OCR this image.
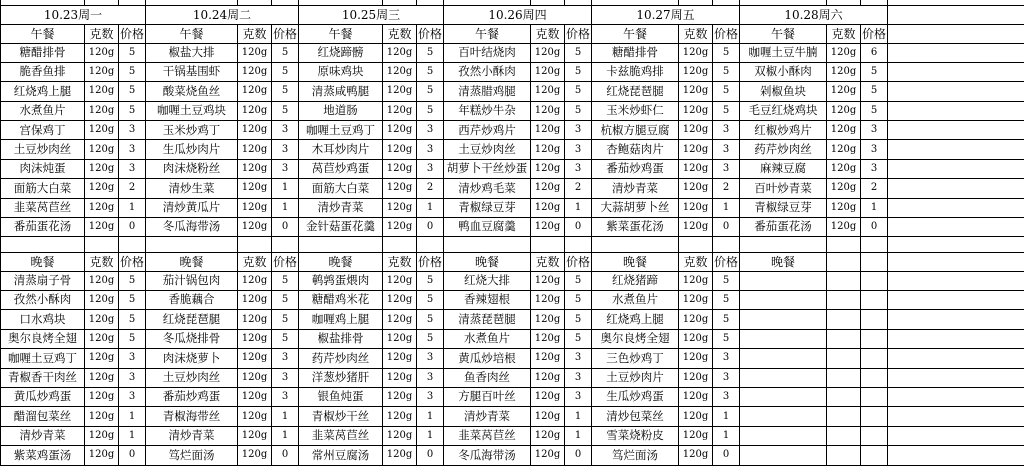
10.23周一			10.24周二			10.25周三			10.26周四			10.27周五			10.28周六			
午餐	克数	价格	午餐	克数	价格	午餐	克数	价格	午餐	克数	价格	午餐	克数	价格	午餐	克数	价格	
糖醋排骨	120g	5	椒盐大排	120g	5	红烧蹄髈	120g	5	百叶结烧肉	120g	5	糖醋排骨	120g	5	咖喱土豆牛腩	120g	6	
脆香鱼排	120g	5	干锅基围虾	120g	5	原味鸡块	120g	5	孜然小酥肉	120g	5	卡兹脆鸡排	120g	5	双椒小酥肉	120g	5	
红烧鸡上腿	120g	5	酸菜烧鱼丝	120g	5	清蒸咸鸭腿	120g	5	清蒸腊鸡腿	120g	5	红烧琵琶腿	120g	5	剁椒鱼块	120g	5	
水煮鱼片	120g	5	咖喱土豆鸡块	120g	5	地道肠	120g	5	年糕炒牛杂	120g	5	玉米炒虾仁	120g	5	毛豆红烧鸡块	120g	5	
宫保鸡丁	120g	3	玉米炒鸡丁	120g	3	咖喱土豆鸡丁	120g	3	西芹炒鸡片	120g	3	杭椒方腿豆腐	120g	3	红椒炒鸡片	120g	3	
土豆炒肉丝	120g	3	生瓜炒肉片	120g	3	木耳炒肉片	120g	3	土豆炒肉丝	120g	3	杏鲍菇肉片	120g	3	药芹炒肉丝	120g	3	
肉沫炖蛋	120g	3	肉沫烧粉丝	120g	3	莴苣炒鸡蛋	120g	3	胡萝卜干丝炒蛋	120g	3	番茄炒鸡蛋	120g	3	麻辣豆腐	120g	3	
面筋大白菜	120g	2	清炒生菜	120g	1	面筋大白菜	120g	2	清炒鸡毛菜	120g	2	清炒青菜	120g	2	百叶炒青菜	120g	2	
韭菜莴苣丝	120g	1	清炒黄瓜片	120g	1	清炒青菜	120g	1	青椒绿豆芽	120g	1	大蒜胡萝卜丝	120g	1	青椒绿豆芽	120g	1	
番茄蛋花汤	120g	0	冬瓜海带汤	120g	0	金针菇蛋花羹	120g	0	鸭血豆腐羹	120g	0	紫菜蛋花汤	120g	0	番茄蛋花汤	120g	0	

晚餐	克数	价格	晚餐	克数	价格	晚餐	克数	价格	晚餐	克数	价格	晚餐	克数	价格	晚餐			
清蒸扇子骨	120g	5	茄汁锅包肉	120g	5	鹌鹑蛋煨肉	120g	5	红烧大排	120g	5	红烧猪蹄	120g	5				
孜然小酥肉	120g	5	香脆藕合	120g	5	糖醋鸡米花	120g	5	香辣翅根	120g	5	水煮鱼片	120g	5				
口水鸡块	120g	5	红烧琵琶腿	120g	5	咖喱鸡上腿	120g	5	清蒸琵琶腿	120g	5	红烧鸡上腿	120g	5				
奥尔良烤全翅	120g	5	冬瓜烧排骨	120g	5	椒盐排骨	120g	5	水煮鱼片	120g	5	奥尔良烤全翅	120g	5				
咖喱土豆鸡丁	120g	3	肉沫烧萝卜	120g	3	药芹炒肉丝	120g	3	黄瓜炒培根	120g	3	三色炒鸡丁	120g	3				
青椒香干肉丝	120g	3	土豆炒肉丝	120g	3	洋葱炒猪肝	120g	3	鱼香肉丝	120g	3	土豆炒肉片	120g	3				
黄瓜炒鸡蛋	120g	3	番茄炒鸡蛋	120g	3	银鱼炖蛋	120g	3	方腿百叶丝	120g	3	生瓜炒鸡蛋	120g	3				
醋溜包菜丝	120g	1	青椒海带丝	120g	1	青椒炒干丝	120g	1	清炒青菜	120g	1	清炒包菜丝	120g	1				
清炒青菜	120g	1	清炒青菜	120g	1	韭菜莴苣丝	120g	1	韭菜莴苣丝	120g	1	雪菜烧粉皮	120g	1				
紫菜鸡蛋汤	120g	0	笃烂面汤	120g	0	常州豆腐汤	120g	0	冬瓜海带汤	120g	0	笃烂面汤	120g	0				
